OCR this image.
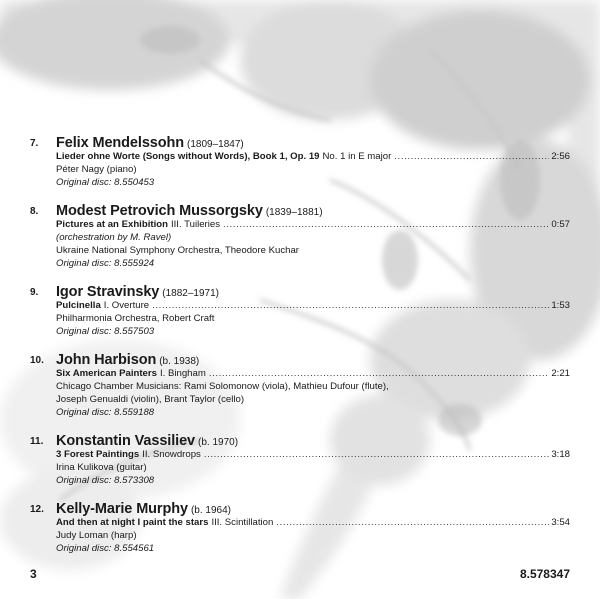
7. Felix Mendelssohn (1809–1847)
Lieder ohne Worte (Songs without Words), Book 1, Op. 19 No. 1 in E major .....	2:56
Péter Nagy (piano)
Original disc: 8.550453
8. Modest Petrovich Mussorgsky (1839–1881)
Pictures at an Exhibition III. Tuileries .....	0:57
(orchestration by M. Ravel)
Ukraine National Symphony Orchestra, Theodore Kuchar
Original disc: 8.555924
9. Igor Stravinsky (1882–1971)
Pulcinella I. Overture .....	1:53
Philharmonia Orchestra, Robert Craft
Original disc: 8.557503
10. John Harbison (b. 1938)
Six American Painters I. Bingham .....	2:21
Chicago Chamber Musicians: Rami Solomonow (viola), Mathieu Dufour (flute),
Joseph Genualdi (violin), Brant Taylor (cello)
Original disc: 8.559188
11. Konstantin Vassiliev (b. 1970)
3 Forest Paintings II. Snowdrops .....	3:18
Irina Kulikova (guitar)
Original disc: 8.573308
12. Kelly-Marie Murphy (b. 1964)
And then at night I paint the stars III. Scintillation .....	3:54
Judy Loman (harp)
Original disc: 8.554561
3	8.578347
